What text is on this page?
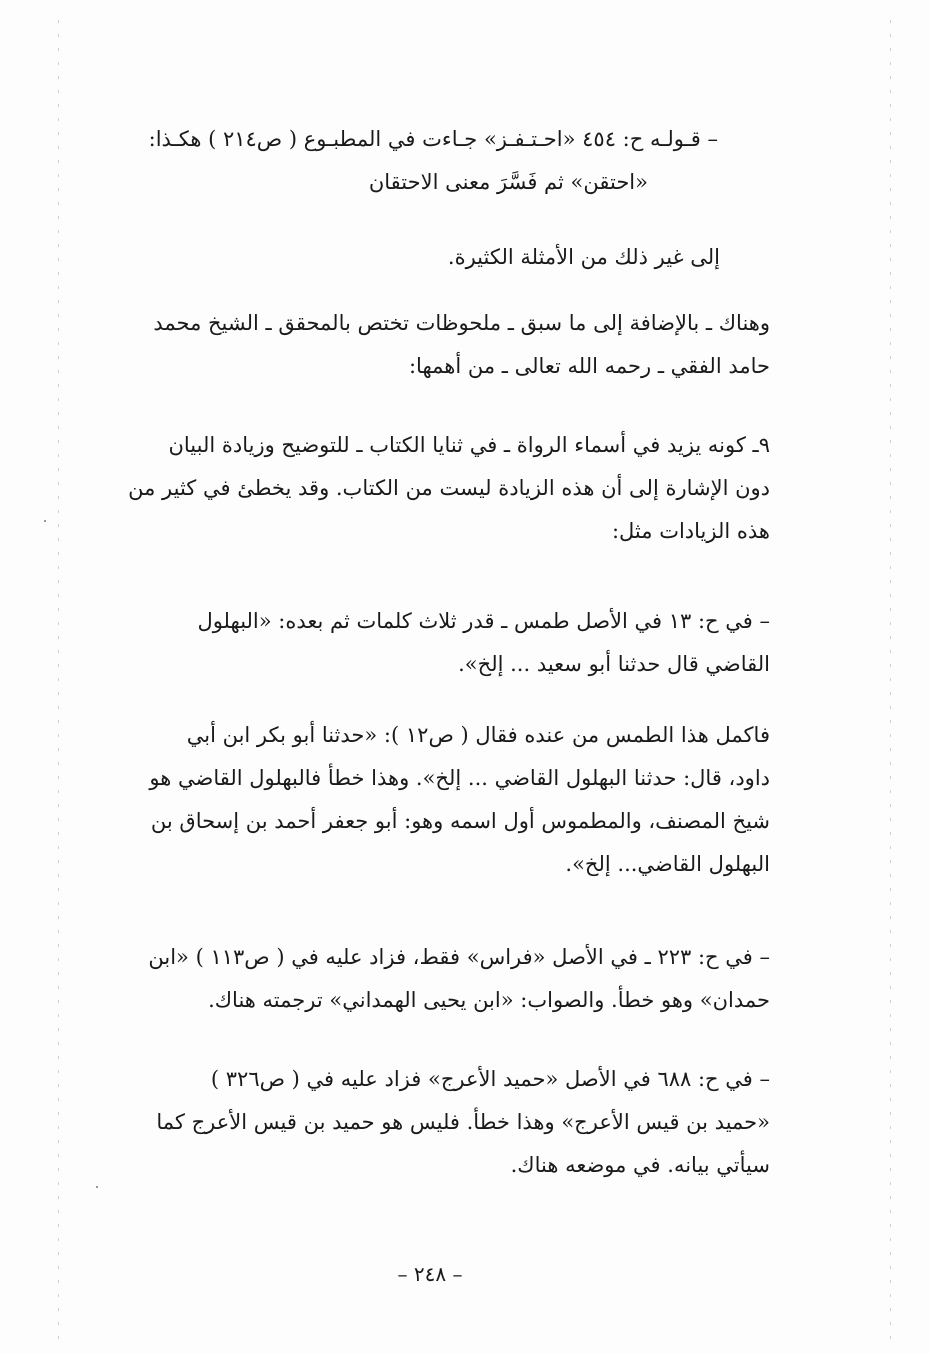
– قـولـه ح: ٤٥٤ «احـتـفـز» جـاءت في المطبـوع ( ص٢١٤ ) هكـذا:
«احتقن» ثم فَسَّرَ معنى الاحتقان
إلى غير ذلك من الأمثلة الكثيرة.
وهناك ـ بالإضافة إلى ما سبق ـ ملحوظات تختص بالمحقق ـ الشيخ محمد
حامد الفقي ـ رحمه الله تعالى ـ من أهمها:
٩ـ كونه يزيد في أسماء الرواة ـ في ثنايا الكتاب ـ للتوضيح وزيادة البيان
دون الإشارة إلى أن هذه الزيادة ليست من الكتاب. وقد يخطئ في كثير من
هذه الزيادات مثل:
– في ح: ١٣ في الأصل طمس ـ قدر ثلاث كلمات ثم بعده: «البهلول
القاضي قال حدثنا أبو سعيد ... إلخ».
فاكمل هذا الطمس من عنده فقال ( ص١٢ ): «حدثنا أبو بكر ابن أبي
داود، قال: حدثنا البهلول القاضي ... إلخ». وهذا خطأ فالبهلول القاضي هو
شيخ المصنف، والمطموس أول اسمه وهو: أبو جعفر أحمد بن إسحاق بن
البهلول القاضي... إلخ».
– في ح: ٢٢٣ ـ في الأصل «فراس» فقط، فزاد عليه في ( ص١١٣ ) «ابن
حمدان» وهو خطأ. والصواب: «ابن يحيى الهمداني» ترجمته هناك.
– في ح: ٦٨٨ في الأصل «حميد الأعرج» فزاد عليه في ( ص٣٢٦ )
«حميد بن قيس الأعرج» وهذا خطأ. فليس هو حميد بن قيس الأعرج كما
سيأتي بيانه. في موضعه هناك.
– ٢٤٨ –
